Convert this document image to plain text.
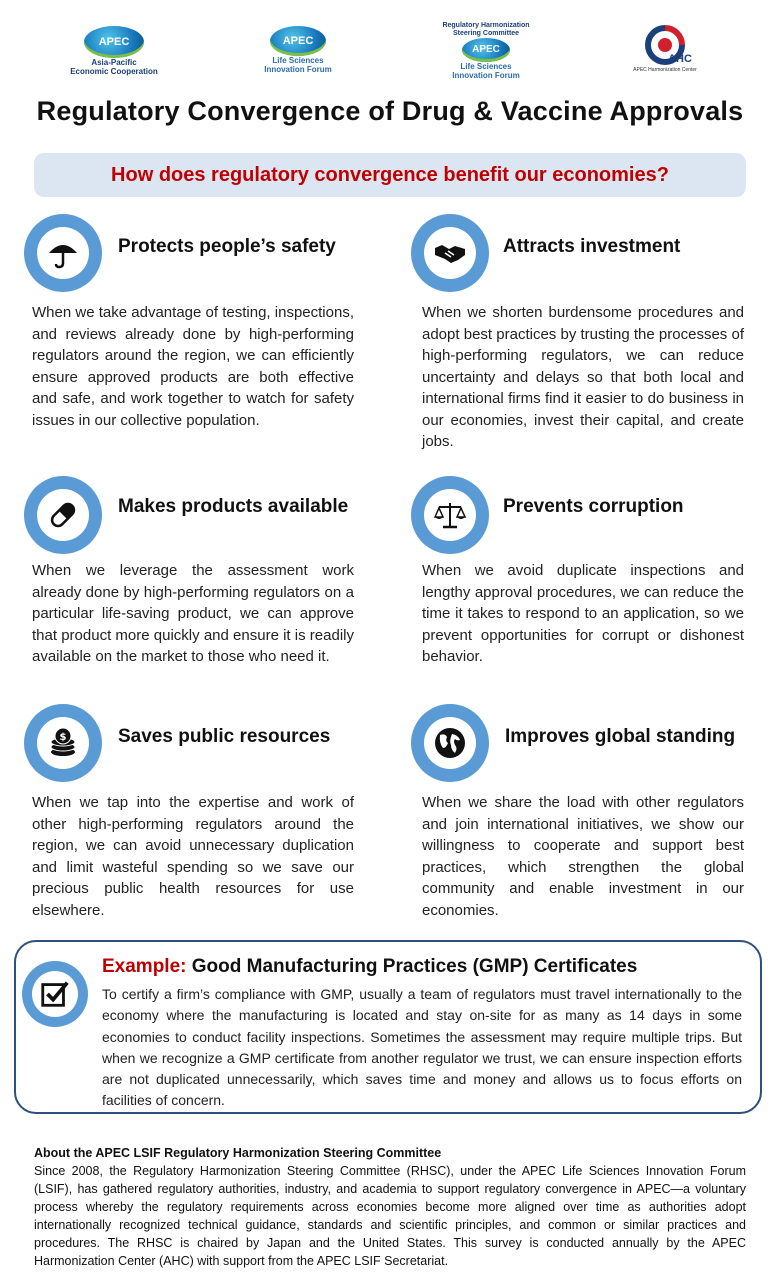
APEC
Asia-Pacific
Economic Cooperation
APEC
Life Sciences
Innovation Forum
Regulatory Harmonization
Steering Committee
APEC
Life Sciences
Innovation Forum
AHC
APEC Harmonization Center
Regulatory Convergence of Drug & Vaccine Approvals
How does regulatory convergence benefit our economies?
Protects people’s safety
When we take advantage of testing, inspections, and reviews already done by high-performing regulators around the region, we can efficiently ensure approved products are both effective and safe, and work together to watch for safety issues in our collective population.
Attracts investment
When we shorten burdensome procedures and adopt best practices by trusting the processes of high-performing regulators, we can reduce uncertainty and delays so that both local and international firms find it easier to do business in our economies, invest their capital, and create jobs.
Makes products available
When we leverage the assessment work already done by high-performing regulators on a particular life-saving product, we can approve that product more quickly and ensure it is readily available on the market to those who need it.
Prevents corruption
When we avoid duplicate inspections and lengthy approval procedures, we can reduce the time it takes to respond to an application, so we prevent opportunities for corrupt or dishonest behavior.
$	Saves public resources
When we tap into the expertise and work of other high-performing regulators around the region, we can avoid unnecessary duplication and limit wasteful spending so we save our precious public health resources for use elsewhere.
Improves global standing
When we share the load with other regulators and join international initiatives, we show our willingness to cooperate and support best practices, which strengthen the global community and enable investment in our economies.
Example: Good Manufacturing Practices (GMP) Certificates
To certify a firm’s compliance with GMP, usually a team of regulators must travel internationally to the economy where the manufacturing is located and stay on-site for as many as 14 days in some economies to conduct facility inspections. Sometimes the assessment may require multiple trips. But when we recognize a GMP certificate from another regulator we trust, we can ensure inspection efforts are not duplicated unnecessarily, which saves time and money and allows us to focus efforts on facilities of concern.
About the APEC LSIF Regulatory Harmonization Steering Committee
Since 2008, the Regulatory Harmonization Steering Committee (RHSC), under the APEC Life Sciences Innovation Forum (LSIF), has gathered regulatory authorities, industry, and academia to support regulatory convergence in APEC—a voluntary process whereby the regulatory requirements across economies become more aligned over time as authorities adopt internationally recognized technical guidance, standards and scientific principles, and common or similar practices and procedures. The RHSC is chaired by Japan and the United States. This survey is conducted annually by the APEC Harmonization Center (AHC) with support from the APEC LSIF Secretariat.
